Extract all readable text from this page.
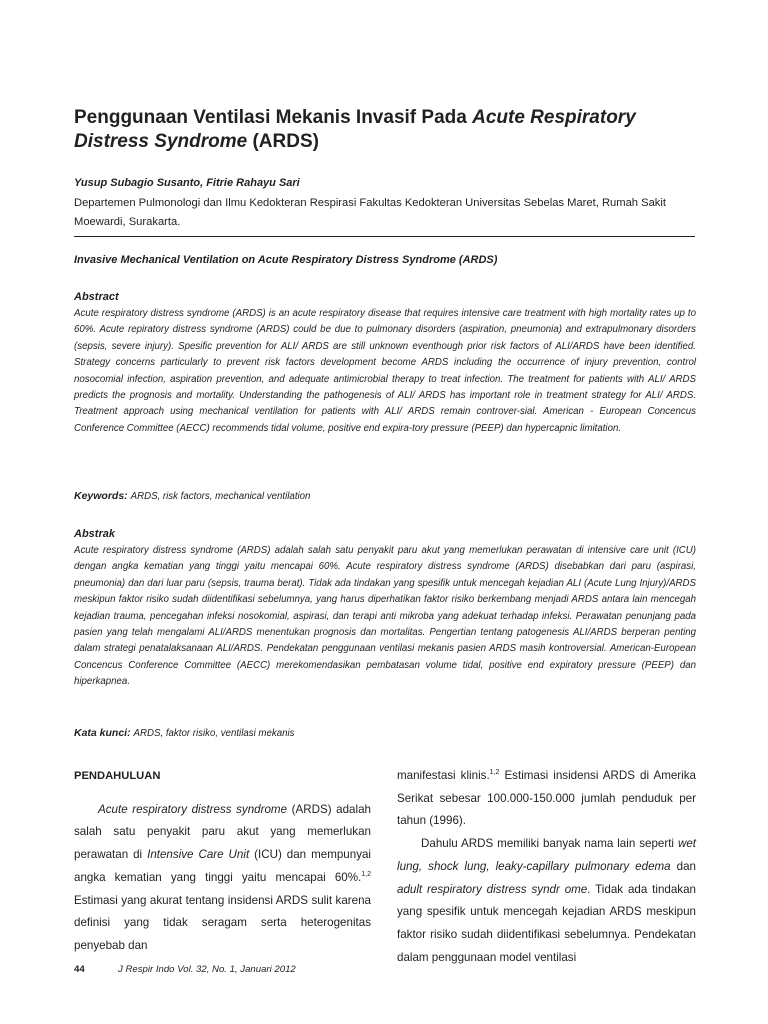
Penggunaan Ventilasi Mekanis Invasif Pada Acute Respiratory
Distress Syndrome (ARDS)

Yusup Subagio Susanto, Fitrie Rahayu Sari

Departemen Pulmonologi dan Ilmu Kedokteran Respirasi Fakultas Kedokteran Universitas Sebelas Maret, Rumah Sakit Moewardi, Surakarta.

Invasive Mechanical Ventilation on Acute Respiratory Distress Syndrome (ARDS)

Abstract

Acute respiratory distress syndrome (ARDS) is an acute respiratory disease that requires intensive care treatment with high mortality rates up to 60%. Acute repiratory distress syndrome (ARDS) could be due to pulmonary disorders (aspiration, pneumonia) and extrapulmonary disorders (sepsis, severe injury). Spesific prevention for ALI/ ARDS are still unknown eventhough prior risk factors of ALI/ARDS have been identified. Strategy concerns particularly to prevent risk factors development become ARDS including the occurrence of injury prevention, control nosocomial infection, aspiration prevention, and adequate antimicrobial therapy to treat infection. The treatment for patients with ALI/ ARDS predicts the prognosis and mortality. Understanding the pathogenesis of ALI/ ARDS has important role in treatment strategy for ALI/ ARDS. Treatment approach using mechanical ventilation for patients with ALI/ ARDS remain controver-sial. American - European Concencus Conference Committee (AECC) recommends tidal volume, positive end expira-tory pressure (PEEP) dan hypercapnic limitation.

Keywords: ARDS, risk factors, mechanical ventilation

Abstrak

Acute respiratory distress syndrome (ARDS) adalah salah satu penyakit paru akut yang memerlukan perawatan di intensive care unit (ICU) dengan angka kematian yang tinggi yaitu mencapai 60%. Acute respiratory distress syndrome (ARDS) disebabkan dari paru (aspirasi, pneumonia) dan dari luar paru (sepsis, trauma berat). Tidak ada tindakan yang spesifik untuk mencegah kejadian ALI (Acute Lung Injury)/ARDS meskipun faktor risiko sudah diidentifikasi sebelumnya, yang harus diperhatikan faktor risiko berkembang menjadi ARDS antara lain mencegah kejadian trauma, pencegahan infeksi nosokomial, aspirasi, dan terapi anti mikroba yang adekuat terhadap infeksi. Perawatan penunjang pada pasien yang telah mengalami ALI/ARDS menentukan prognosis dan mortalitas. Pengertian tentang patogenesis ALI/ARDS berperan penting dalam strategi penatalaksanaan ALI/ARDS. Pendekatan penggunaan ventilasi mekanis pasien ARDS masih kontroversial. American-European Concencus Conference Committee (AECC) merekomendasikan pembatasan volume tidal, positive end expiratory pressure (PEEP) dan hiperkapnea.

Kata kunci: ARDS, faktor risiko, ventilasi mekanis

PENDAHULUAN

Acute respiratory distress syndrome (ARDS) adalah salah satu penyakit paru akut yang memerlukan perawatan di Intensive Care Unit (ICU) dan mempunyai angka kematian yang tinggi yaitu mencapai 60%.$^{1,2}$ Estimasi yang akurat tentang insidensi ARDS sulit karena definisi yang tidak seragam serta heterogenitas penyebab dan

manifestasi klinis.$^{1,2}$ Estimasi insidensi ARDS di Amerika Serikat sebesar 100.000-150.000 jumlah penduduk per tahun (1996).

Dahulu ARDS memiliki banyak nama lain seperti wet lung, shock lung, leaky-capillary pulmonary edema dan adult respiratory distress syndr ome. Tidak ada tindakan yang spesifik untuk mencegah kejadian ARDS meskipun faktor risiko sudah diidentifikasi sebelumnya. Pendekatan dalam penggunaan model ventilasi

44	J Respir Indo Vol. 32, No. 1, Januari 2012
